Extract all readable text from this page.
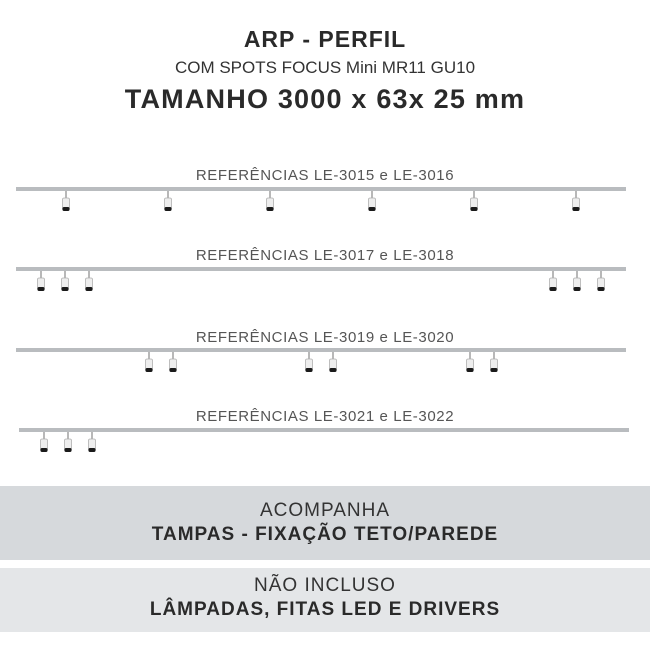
ARP - PERFIL
COM SPOTS FOCUS Mini MR11 GU10
TAMANHO 3000 x 63x 25 mm
REFERÊNCIAS LE-3015 e LE-3016
REFERÊNCIAS LE-3017 e LE-3018
REFERÊNCIAS LE-3019 e LE-3020
REFERÊNCIAS LE-3021 e LE-3022
ACOMPANHA
TAMPAS - FIXAÇÃO TETO/PAREDE
NÃO INCLUSO
LÂMPADAS, FITAS LED E DRIVERS
